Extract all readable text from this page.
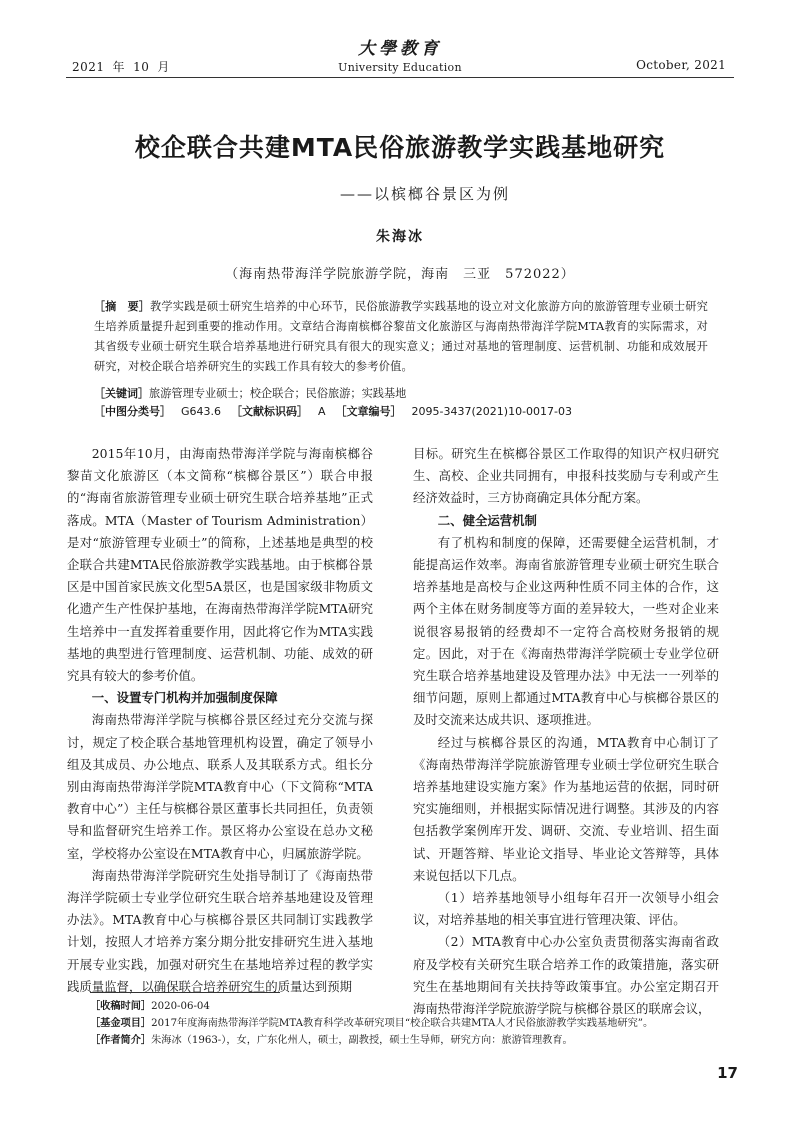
2021 年 10 月
大學教育
University Education	October, 2021
校企联合共建MTA民俗旅游教学实践基地研究
——以槟榔谷景区为例
朱海冰
（海南热带海洋学院旅游学院，海南　三亚　572022）
［摘　要］教学实践是硕士研究生培养的中心环节，民俗旅游教学实践基地的设立对文化旅游方向的旅游管理专业硕士研究生培养质量提升起到重要的推动作用。文章结合海南槟榔谷黎苗文化旅游区与海南热带海洋学院MTA教育的实际需求，对其省级专业硕士研究生联合培养基地进行研究具有很大的现实意义；通过对基地的管理制度、运营机制、功能和成效展开研究，对校企联合培养研究生的实践工作具有较大的参考价值。
［关键词］旅游管理专业硕士；校企联合；民俗旅游；实践基地
［中图分类号］ G643.6 ［文献标识码］ A ［文章编号］ 2095-3437(2021)10-0017-03

2015年10月，由海南热带海洋学院与海南槟榔谷黎苗文化旅游区（本文简称“槟榔谷景区”）联合申报的“海南省旅游管理专业硕士研究生联合培养基地”正式落成。MTA（Master of Tourism Administration）是对“旅游管理专业硕士”的简称，上述基地是典型的校企联合共建MTA民俗旅游教学实践基地。由于槟榔谷景区是中国首家民族文化型5A景区，也是国家级非物质文化遗产生产性保护基地，在海南热带海洋学院MTA研究生培养中一直发挥着重要作用，因此将它作为MTA实践基地的典型进行管理制度、运营机制、功能、成效的研究具有较大的参考价值。

一、设置专门机构并加强制度保障

海南热带海洋学院与槟榔谷景区经过充分交流与探讨，规定了校企联合基地管理机构设置，确定了领导小组及其成员、办公地点、联系人及其联系方式。组长分别由海南热带海洋学院MTA教育中心（下文简称“MTA教育中心”）主任与槟榔谷景区董事长共同担任，负责领导和监督研究生培养工作。景区将办公室设在总办文秘室，学校将办公室设在MTA教育中心，归属旅游学院。

海南热带海洋学院研究生处指导制订了《海南热带海洋学院硕士专业学位研究生联合培养基地建设及管理办法》。MTA教育中心与槟榔谷景区共同制订实践教学计划，按照人才培养方案分期分批安排研究生进入基地开展专业实践，加强对研究生在基地培养过程的教学实践质量监督，以确保联合培养研究生的质量达到预期

目标。研究生在槟榔谷景区工作取得的知识产权归研究生、高校、企业共同拥有，申报科技奖励与专利或产生经济效益时，三方协商确定具体分配方案。

二、健全运营机制

有了机构和制度的保障，还需要健全运营机制，才能提高运作效率。海南省旅游管理专业硕士研究生联合培养基地是高校与企业这两种性质不同主体的合作，这两个主体在财务制度等方面的差异较大，一些对企业来说很容易报销的经费却不一定符合高校财务报销的规定。因此，对于在《海南热带海洋学院硕士专业学位研究生联合培养基地建设及管理办法》中无法一一列举的细节问题，原则上都通过MTA教育中心与槟榔谷景区的及时交流来达成共识、逐项推进。

经过与槟榔谷景区的沟通，MTA教育中心制订了《海南热带海洋学院旅游管理专业硕士学位研究生联合培养基地建设实施方案》作为基地运营的依据，同时研究实施细则，并根据实际情况进行调整。其涉及的内容包括教学案例库开发、调研、交流、专业培训、招生面试、开题答辩、毕业论文指导、毕业论文答辩等，具体来说包括以下几点。

（1）培养基地领导小组每年召开一次领导小组会议，对培养基地的相关事宜进行管理决策、评估。

（2）MTA教育中心办公室负责贯彻落实海南省政府及学校有关研究生联合培养工作的政策措施，落实研究生在基地期间有关扶持等政策事宜。办公室定期召开海南热带海洋学院旅游学院与槟榔谷景区的联席会议，

［收稿时间］2020-06-04
［基金项目］2017年度海南热带海洋学院MTA教育科学改革研究项目“校企联合共建MTA人才民俗旅游教学实践基地研究”。
［作者简介］朱海冰（1963-），女，广东化州人，硕士，副教授，硕士生导师，研究方向：旅游管理教育。
17
